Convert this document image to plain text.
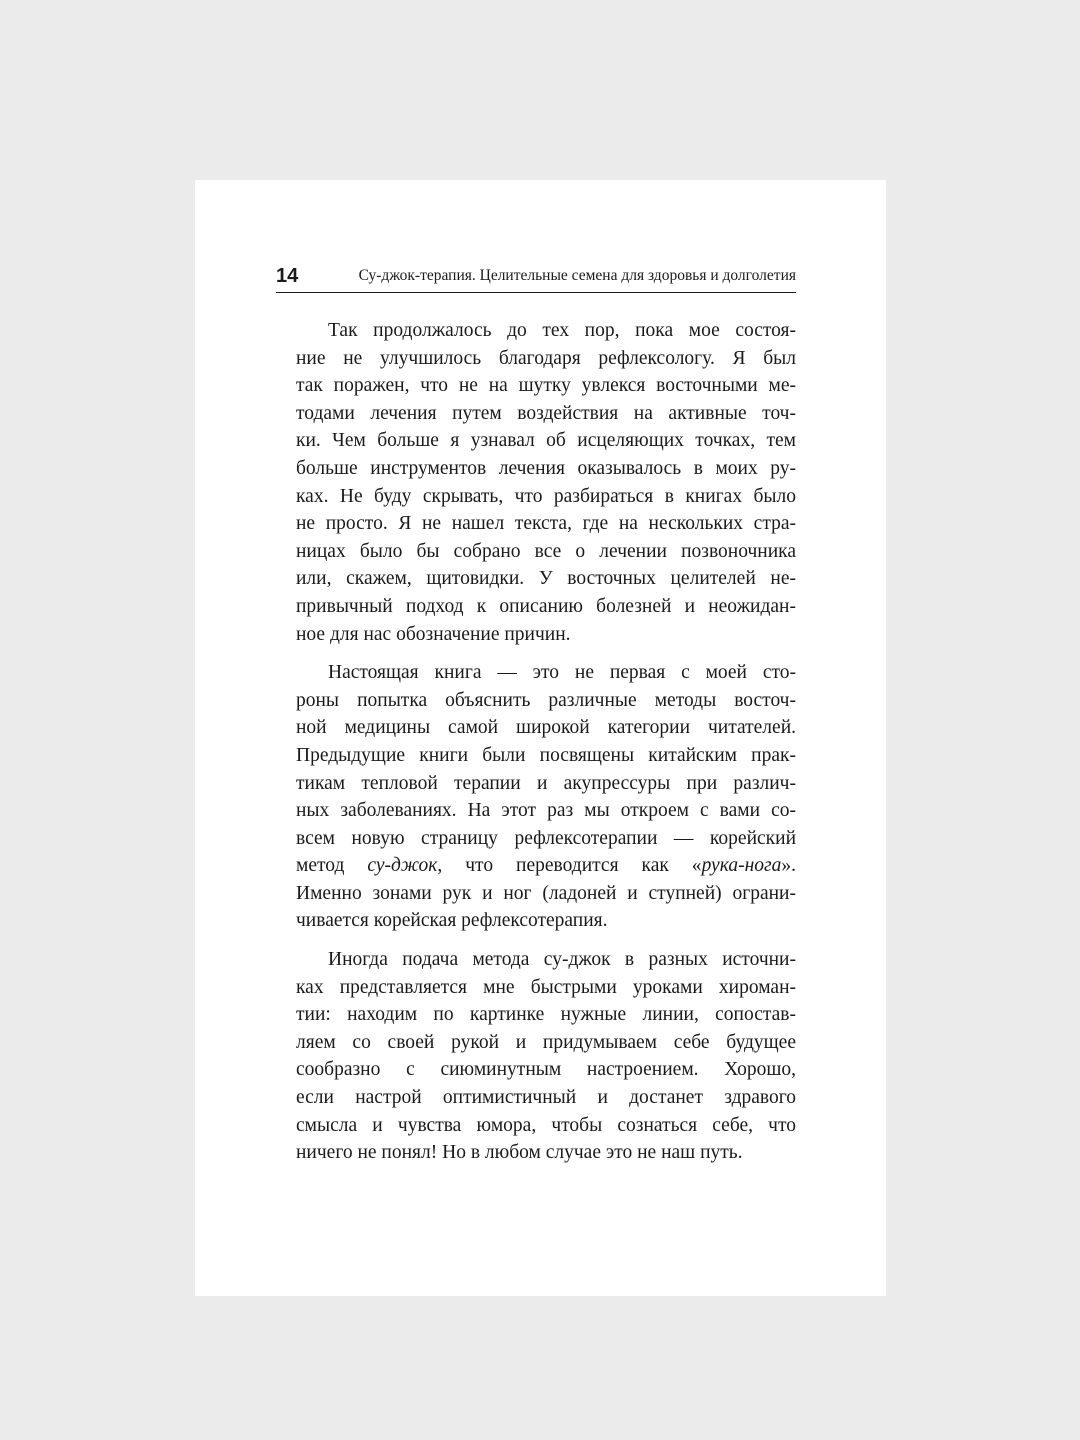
14	Су-джок-терапия. Целительные семена для здоровья и долголетия

Так продолжалось до тех пор, пока мое состоя-
ние не улучшилось благодаря рефлексологу. Я был
так поражен, что не на шутку увлекся восточными ме-
тодами лечения путем воздействия на активные точ-
ки. Чем больше я узнавал об исцеляющих точках, тем
больше инструментов лечения оказывалось в моих ру-
ках. Не буду скрывать, что разбираться в книгах было
не просто. Я не нашел текста, где на нескольких стра-
ницах было бы собрано все о лечении позвоночника
или, скажем, щитовидки. У восточных целителей не-
привычный подход к описанию болезней и неожидан-
ное для нас обозначение причин.

Настоящая книга — это не первая с моей сто-
роны попытка объяснить различные методы восточ-
ной медицины самой широкой категории читателей.
Предыдущие книги были посвящены китайским прак-
тикам тепловой терапии и акупрессуры при различ-
ных заболеваниях. На этот раз мы откроем с вами со-
всем новую страницу рефлексотерапии — корейский
метод су-джок, что переводится как «рука-нога».
Именно зонами рук и ног (ладоней и ступней) ограни-
чивается корейская рефлексотерапия.

Иногда подача метода су-джок в разных источни-
ках представляется мне быстрыми уроками хироман-
тии: находим по картинке нужные линии, сопостав-
ляем со своей рукой и придумываем себе будущее
сообразно с сиюминутным настроением. Хорошо,
если настрой оптимистичный и достанет здравого
смысла и чувства юмора, чтобы сознаться себе, что
ничего не понял! Но в любом случае это не наш путь.
